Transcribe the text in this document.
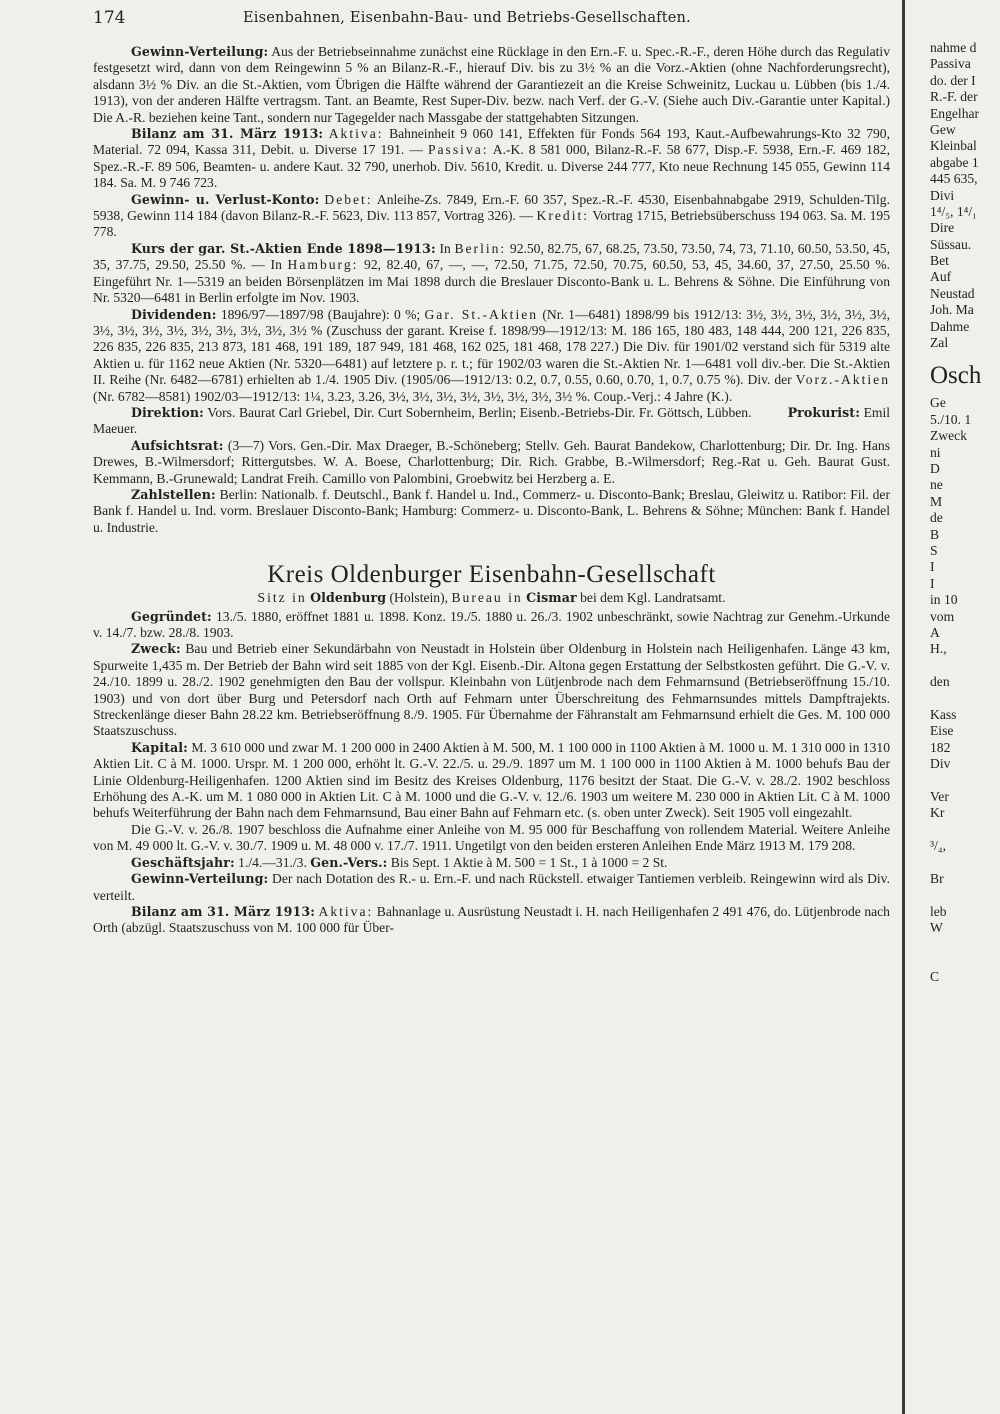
174	Eisenbahnen, Eisenbahn-Bau- und Betriebs-Gesellschaften.

Gewinn-Verteilung: Aus der Betriebseinnahme zunächst eine Rücklage in den Ern.-F. u. Spec.-R.-F., deren Höhe durch das Regulativ festgesetzt wird, dann von dem Reingewinn 5 % an Bilanz-R.-F., hierauf Div. bis zu 3½ % an die Vorz.-Aktien (ohne Nachforderungsrecht), alsdann 3½ % Div. an die St.-Aktien, vom Übrigen die Hälfte während der Garantiezeit an die Kreise Schweinitz, Luckau u. Lübben (bis 1./4. 1913), von der anderen Hälfte vertragsm. Tant. an Beamte, Rest Super-Div. bezw. nach Verf. der G.-V. (Siehe auch Div.-Garantie unter Kapital.) Die A.-R. beziehen keine Tant., sondern nur Tagegelder nach Massgabe der stattgehabten Sitzungen.

Bilanz am 31. März 1913: Aktiva: Bahneinheit 9 060 141, Effekten für Fonds 564 193, Kaut.-Aufbewahrungs-Kto 32 790, Material. 72 094, Kassa 311, Debit. u. Diverse 17 191. — Passiva: A.-K. 8 581 000, Bilanz-R.-F. 58 677, Disp.-F. 5938, Ern.-F. 469 182, Spez.-R.-F. 89 506, Beamten- u. andere Kaut. 32 790, unerhob. Div. 5610, Kredit. u. Diverse 244 777, Kto neue Rechnung 145 055, Gewinn 114 184. Sa. M. 9 746 723.

Gewinn- u. Verlust-Konto: Debet: Anleihe-Zs. 7849, Ern.-F. 60 357, Spez.-R.-F. 4530, Eisenbahnabgabe 2919, Schulden-Tilg. 5938, Gewinn 114 184 (davon Bilanz-R.-F. 5623, Div. 113 857, Vortrag 326). — Kredit: Vortrag 1715, Betriebsüberschuss 194 063. Sa. M. 195 778.

Kurs der gar. St.-Aktien Ende 1898—1913: In Berlin: 92.50, 82.75, 67, 68.25, 73.50, 73.50, 74, 73, 71.10, 60.50, 53.50, 45, 35, 37.75, 29.50, 25.50 %. — In Hamburg: 92, 82.40, 67, —, —, 72.50, 71.75, 72.50, 70.75, 60.50, 53, 45, 34.60, 37, 27.50, 25.50 %. Eingeführt Nr. 1—5319 an beiden Börsenplätzen im Mai 1898 durch die Breslauer Disconto-Bank u. L. Behrens & Söhne. Die Einführung von Nr. 5320—6481 in Berlin erfolgte im Nov. 1903.

Dividenden: 1896/97—1897/98 (Baujahre): 0 %; Gar. St.-Aktien (Nr. 1—6481) 1898/99 bis 1912/13: 3½, 3½, 3½, 3½, 3½, 3½, 3½, 3½, 3½, 3½, 3½, 3½, 3½, 3½, 3½ % (Zuschuss der garant. Kreise f. 1898/99—1912/13: M. 186 165, 180 483, 148 444, 200 121, 226 835, 226 835, 226 835, 213 873, 181 468, 191 189, 187 949, 181 468, 162 025, 181 468, 178 227.) Die Div. für 1901/02 verstand sich für 5319 alte Aktien u. für 1162 neue Aktien (Nr. 5320—6481) auf letztere p. r. t.; für 1902/03 waren die St.-Aktien Nr. 1—6481 voll div.-ber. Die St.-Aktien II. Reihe (Nr. 6482—6781) erhielten ab 1./4. 1905 Div. (1905/06—1912/13: 0.2, 0.7, 0.55, 0.60, 0.70, 1, 0.7, 0.75 %). Div. der Vorz.-Aktien (Nr. 6782—8581) 1902/03—1912/13: 1¼, 3.23, 3.26, 3½, 3½, 3½, 3½, 3½, 3½, 3½, 3½ %. Coup.-Verj.: 4 Jahre (K.).

Direktion: Vors. Baurat Carl Griebel, Dir. Curt Sobernheim, Berlin; Eisenb.-Betriebs-Dir. Fr. Göttsch, Lübben.	Prokurist: Emil Maeuer.

Aufsichtsrat: (3—7) Vors. Gen.-Dir. Max Draeger, B.-Schöneberg; Stellv. Geh. Baurat Bandekow, Charlottenburg; Dir. Dr. Ing. Hans Drewes, B.-Wilmersdorf; Rittergutsbes. W. A. Boese, Charlottenburg; Dir. Rich. Grabbe, B.-Wilmersdorf; Reg.-Rat u. Geh. Baurat Gust. Kemmann, B.-Grunewald; Landrat Freih. Camillo von Palombini, Groebwitz bei Herzberg a. E.

Zahlstellen: Berlin: Nationalb. f. Deutschl., Bank f. Handel u. Ind., Commerz- u. Disconto-Bank; Breslau, Gleiwitz u. Ratibor: Fil. der Bank f. Handel u. Ind. vorm. Breslauer Disconto-Bank; Hamburg: Commerz- u. Disconto-Bank, L. Behrens & Söhne; München: Bank f. Handel u. Industrie.

Kreis Oldenburger Eisenbahn-Gesellschaft

Sitz in Oldenburg (Holstein), Bureau in Cismar bei dem Kgl. Landratsamt.

Gegründet: 13./5. 1880, eröffnet 1881 u. 1898. Konz. 19./5. 1880 u. 26./3. 1902 unbeschränkt, sowie Nachtrag zur Genehm.-Urkunde v. 14./7. bzw. 28./8. 1903.

Zweck: Bau und Betrieb einer Sekundärbahn von Neustadt in Holstein über Oldenburg in Holstein nach Heiligenhafen. Länge 43 km, Spurweite 1,435 m. Der Betrieb der Bahn wird seit 1885 von der Kgl. Eisenb.-Dir. Altona gegen Erstattung der Selbstkosten geführt. Die G.-V. v. 24./10. 1899 u. 28./2. 1902 genehmigten den Bau der vollspur. Kleinbahn von Lütjenbrode nach dem Fehmarnsund (Betriebseröffnung 15./10. 1903) und von dort über Burg und Petersdorf nach Orth auf Fehmarn unter Überschreitung des Fehmarnsundes mittels Dampftrajekts. Streckenlänge dieser Bahn 28.22 km. Betriebseröffnung 8./9. 1905. Für Übernahme der Fähranstalt am Fehmarnsund erhielt die Ges. M. 100 000 Staatszuschuss.

Kapital: M. 3 610 000 und zwar M. 1 200 000 in 2400 Aktien à M. 500, M. 1 100 000 in 1100 Aktien à M. 1000 u. M. 1 310 000 in 1310 Aktien Lit. C à M. 1000. Urspr. M. 1 200 000, erhöht lt. G.-V. 22./5. u. 29./9. 1897 um M. 1 100 000 in 1100 Aktien à M. 1000 behufs Bau der Linie Oldenburg-Heiligenhafen. 1200 Aktien sind im Besitz des Kreises Oldenburg, 1176 besitzt der Staat. Die G.-V. v. 28./2. 1902 beschloss Erhöhung des A.-K. um M. 1 080 000 in Aktien Lit. C à M. 1000 und die G.-V. v. 12./6. 1903 um weitere M. 230 000 in Aktien Lit. C à M. 1000 behufs Weiterführung der Bahn nach dem Fehmarnsund, Bau einer Bahn auf Fehmarn etc. (s. oben unter Zweck). Seit 1905 voll eingezahlt.

Die G.-V. v. 26./8. 1907 beschloss die Aufnahme einer Anleihe von M. 95 000 für Beschaffung von rollendem Material. Weitere Anleihe von M. 49 000 lt. G.-V. v. 30./7. 1909 u. M. 48 000 v. 17./7. 1911. Ungetilgt von den beiden ersteren Anleihen Ende März 1913 M. 179 208.

Geschäftsjahr: 1./4.—31./3. Gen.-Vers.: Bis Sept. 1 Aktie à M. 500 = 1 St., 1 à 1000 = 2 St.

Gewinn-Verteilung: Der nach Dotation des R.- u. Ern.-F. und nach Rückstell. etwaiger Tantiemen verbleib. Reingewinn wird als Div. verteilt.

Bilanz am 31. März 1913: Aktiva: Bahnanlage u. Ausrüstung Neustadt i. H. nach Heiligenhafen 2 491 476, do. Lütjenbrode nach Orth (abzügl. Staatszuschuss von M. 100 000 für Über-

nahme d
Passiva
do. der I
R.-F. der
Engelhar
Gew
Kleinbal
abgabe 1
445 635,
Divi
1⁴/₅, 1⁴/₁
Dire
Süssau.
Bet
Auf
Neustad
Joh. Ma
Dahme
Zal
Osch
Ge
5./10. 1
Zweck
ni
D
ne
M
de
B
S
I
I
in 10
vom
A
H.,
den
Kass
Eise
182
Div
Ver
Kr
³/₄,
Br
leb
W
C
